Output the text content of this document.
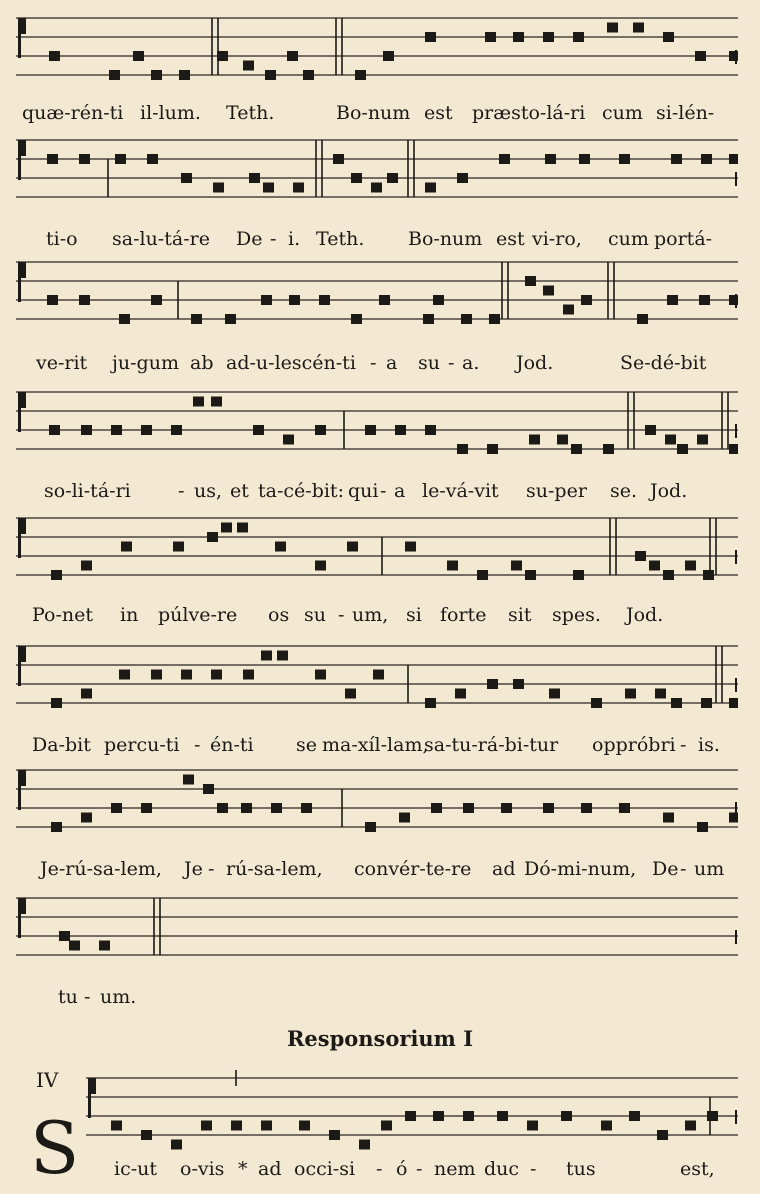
quæ-rén-ti il-lum. Teth.	Bo-num est præsto-lá-ri cum si-lén-
ti-o sa-lu-tá-re De - i. Teth. Bo-num est vi-ro, cum portá-
ve-rit ju-gum ab ad-u-lescén-ti - a su - a. Jod.	Se-dé-bit
so-li-tá-ri - us, et ta-cé-bit: qui - a le-vá-vit su-per se. Jod.
Po-net in púlve-re os su - um, si forte sit spes. Jod.
Da-bit percu-ti - én-ti se ma-xíl-lam,
sa-tu-rá-bi-tur oppróbri - is.
Je-rú-sa-lem, Je - rú-sa-lem, convér-te-re ad Dó-mi-num, De - um
tu - um.
Responsorium I
IV
S ic-ut o-vis * ad occi-si - ó - nem duc - tus	est,
